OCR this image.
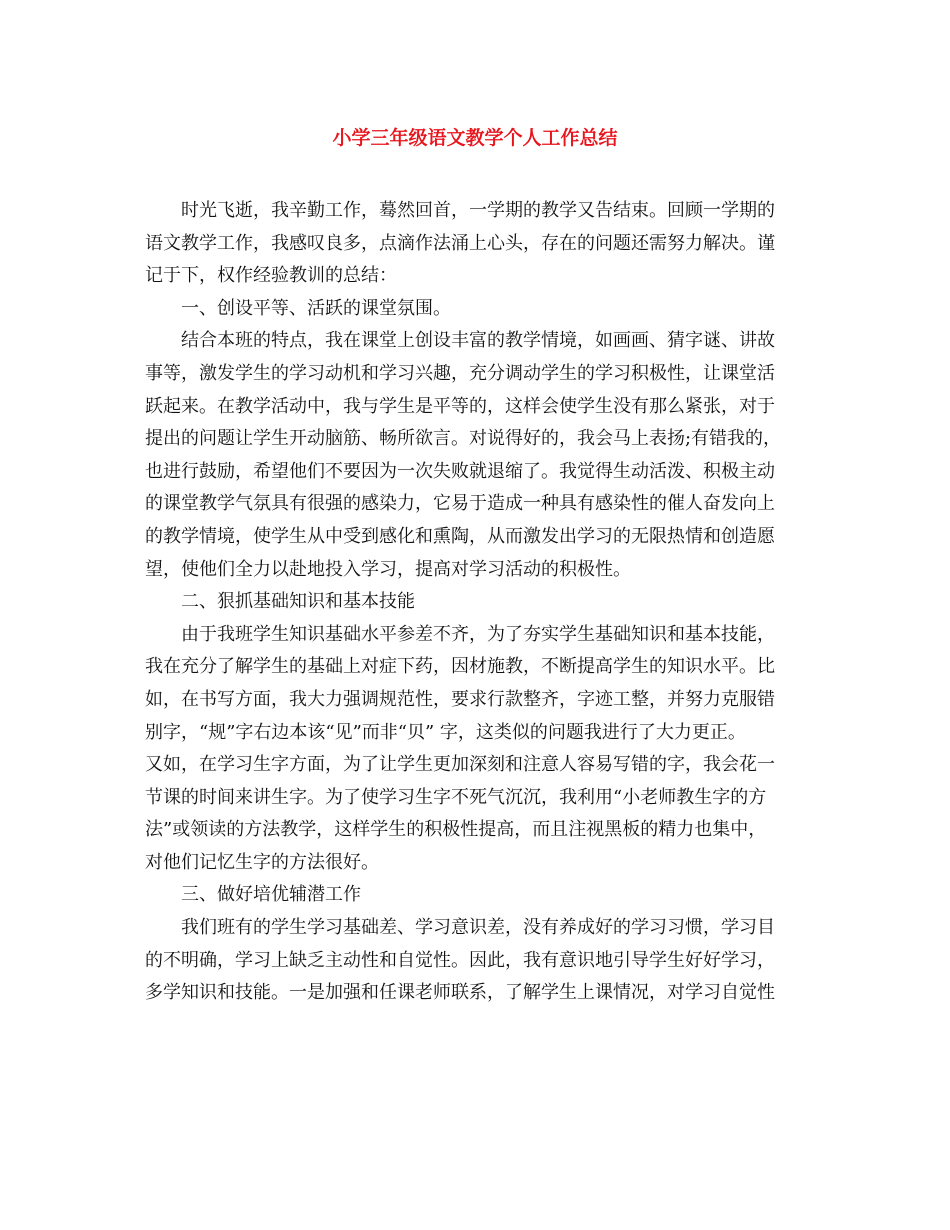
小学三年级语文教学个人工作总结
时光飞逝，我辛勤工作，蓦然回首，一学期的教学又告结束。回顾一学期的
语文教学工作，我感叹良多，点滴作法涌上心头，存在的问题还需努力解决。谨
记于下，权作经验教训的总结：
一、创设平等、活跃的课堂氛围。
结合本班的特点，我在课堂上创设丰富的教学情境，如画画、猜字谜、讲故
事等，激发学生的学习动机和学习兴趣，充分调动学生的学习积极性，让课堂活
跃起来。在教学活动中，我与学生是平等的，这样会使学生没有那么紧张，对于
提出的问题让学生开动脑筋、畅所欲言。对说得好的，我会马上表扬;有错我的，
也进行鼓励，希望他们不要因为一次失败就退缩了。我觉得生动活泼、积极主动
的课堂教学气氛具有很强的感染力，它易于造成一种具有感染性的催人奋发向上
的教学情境，使学生从中受到感化和熏陶，从而激发出学习的无限热情和创造愿
望，使他们全力以赴地投入学习，提高对学习活动的积极性。
二、狠抓基础知识和基本技能
由于我班学生知识基础水平参差不齐，为了夯实学生基础知识和基本技能，
我在充分了解学生的基础上对症下药，因材施教，不断提高学生的知识水平。比
如，在书写方面，我大力强调规范性，要求行款整齐，字迹工整，并努力克服错
别字，“规”字右边本该“见”而非“贝” 字，这类似的问题我进行了大力更正。
又如，在学习生字方面，为了让学生更加深刻和注意人容易写错的字，我会花一
节课的时间来讲生字。为了使学习生字不死气沉沉，我利用“小老师教生字的方
法”或领读的方法教学，这样学生的积极性提高，而且注视黑板的精力也集中，
对他们记忆生字的方法很好。
三、做好培优辅潜工作
我们班有的学生学习基础差、学习意识差，没有养成好的学习习惯，学习目
的不明确，学习上缺乏主动性和自觉性。因此，我有意识地引导学生好好学习，
多学知识和技能。一是加强和任课老师联系，了解学生上课情况，对学习自觉性
